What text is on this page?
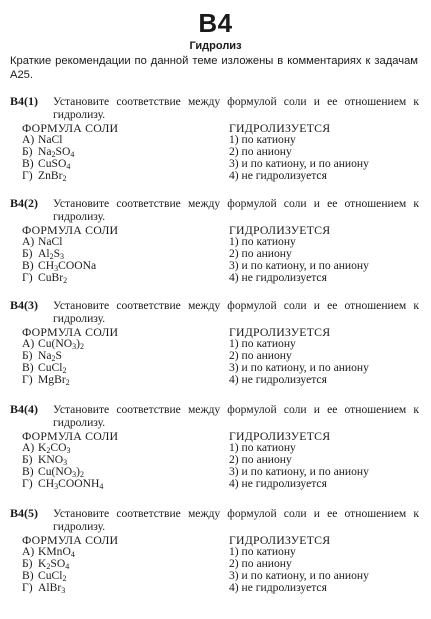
B4
Гидролиз
Краткие рекомендации по данной теме изложены в комментариях к задачам А25.
B4(1) Установите соответствие между формулой соли и ее отношением к гидролизу.
ФОРМУЛА СОЛИ
А) NaCl
Б) $Na_2SO_4$
В) CuSO$_4$
Г) ZnBr$_2$
ГИДРОЛИЗУЕТСЯ
1) по катиону
2) по аниону
3) и по катиону, и по аниону
4) не гидролизуется
B4(2) Установите соответствие между формулой соли и ее отношением к гидролизу.
ФОРМУЛА СОЛИ
А) NaCl
Б) $Al_2S_3$
В) $CH_3COONa$
Г) CuBr$_2$
ГИДРОЛИЗУЕТСЯ
1) по катиону
2) по аниону
3) и по катиону, и по аниону
4) не гидролизуется
B4(3) Установите соответствие между формулой соли и ее отношением к гидролизу.
ФОРМУЛА СОЛИ
А) $Cu(NO_3)_2$
Б) $Na_2S$
В) CuCl$_2$
Г) MgBr$_2$
ГИДРОЛИЗУЕТСЯ
1) по катиону
2) по аниону
3) и по катиону, и по аниону
4) не гидролизуется
B4(4) Установите соответствие между формулой соли и ее отношением к гидролизу.
ФОРМУЛА СОЛИ
А) $K_2CO_3$
Б) $KNO_3$
В) $Cu(NO_3)_2$
Г) $CH_3COONH_4$
ГИДРОЛИЗУЕТСЯ
1) по катиону
2) по аниону
3) и по катиону, и по аниону
4) не гидролизуется
B4(5) Установите соответствие между формулой соли и ее отношением к гидролизу.
ФОРМУЛА СОЛИ
А) KMnO$_4$
Б) $K_2SO_4$
В) CuCl$_2$
Г) AlBr$_3$
ГИДРОЛИЗУЕТСЯ
1) по катиону
2) по аниону
3) и по катиону, и по аниону
4) не гидролизуется
